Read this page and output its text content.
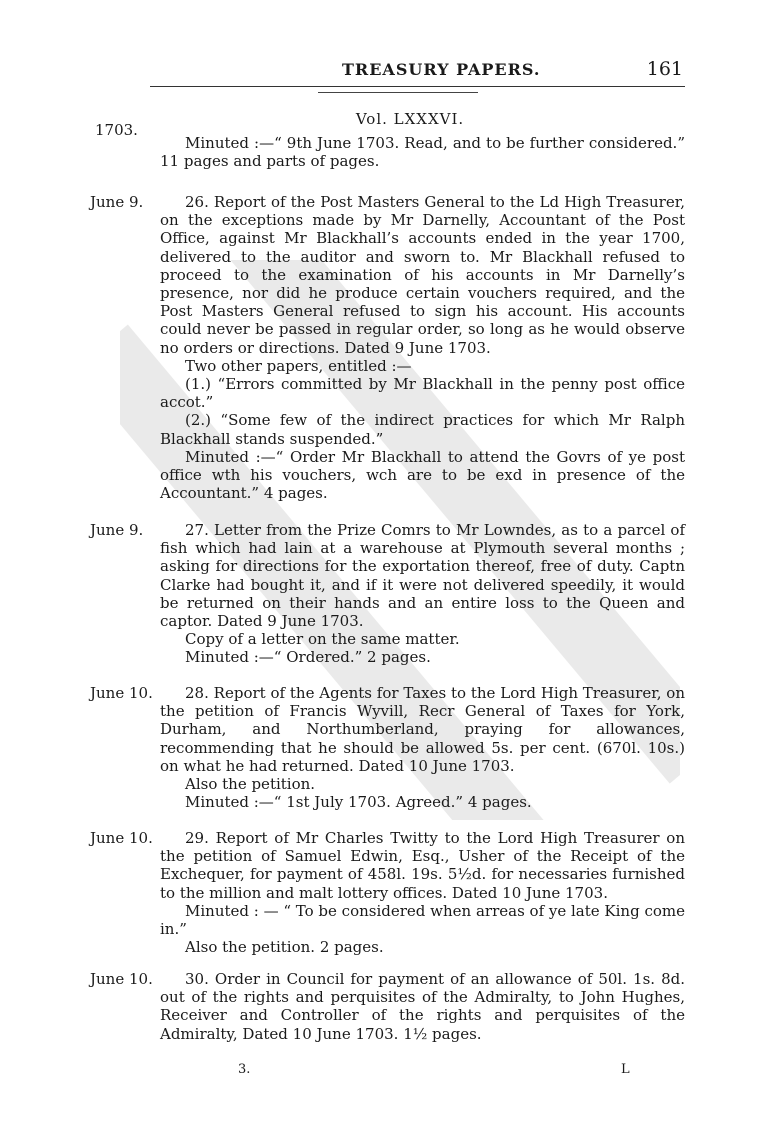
TREASURY PAPERS.	161
Vol. LXXXVI.
1703.

Minuted :—“ 9th June 1703. Read, and to be further considered.” 11 pages and parts of pages.

June 9.	26. Report of the Post Masters General to the Ld High Treasurer, on the exceptions made by Mr Darnelly, Accountant of the Post Office, against Mr Blackhall’s accounts ended in the year 1700, delivered to the auditor and sworn to. Mr Blackhall refused to proceed to the examination of his accounts in Mr Darnelly’s presence, nor did he produce certain vouchers required, and the Post Masters General refused to sign his account. His accounts could never be passed in regular order, so long as he would observe no orders or directions. Dated 9 June 1703.

Two other papers, entitled :—

(1.) “Errors committed by Mr Blackhall in the penny post office accot.”

(2.) “Some few of the indirect practices for which Mr Ralph Blackhall stands suspended.”

Minuted :—“ Order Mr Blackhall to attend the Govrs of ye post office wth his vouchers, wch are to be exd in presence of the Accountant.” 4 pages.

June 9.	27. Letter from the Prize Comrs to Mr Lowndes, as to a parcel of fish which had lain at a warehouse at Plymouth several months ; asking for directions for the exportation thereof, free of duty. Captn Clarke had bought it, and if it were not delivered speedily, it would be returned on their hands and an entire loss to the Queen and captor. Dated 9 June 1703.

Copy of a letter on the same matter.

Minuted :—“ Ordered.” 2 pages.

June 10.	28. Report of the Agents for Taxes to the Lord High Treasurer, on the petition of Francis Wyvill, Recr General of Taxes for York, Durham, and Northumberland, praying for allowances, recommending that he should be allowed 5s. per cent. (670l. 10s.) on what he had returned. Dated 10 June 1703.

Also the petition.

Minuted :—“ 1st July 1703. Agreed.” 4 pages.

June 10.	29. Report of Mr Charles Twitty to the Lord High Treasurer on the petition of Samuel Edwin, Esq., Usher of the Receipt of the Exchequer, for payment of 458l. 19s. 5½d. for necessaries furnished to the million and malt lottery offices. Dated 10 June 1703.

Minuted : — “ To be considered when arreas of ye late King come in.”

Also the petition. 2 pages.

June 10.	30. Order in Council for payment of an allowance of 50l. 1s. 8d. out of the rights and perquisites of the Admiralty, to John Hughes, Receiver and Controller of the rights and perquisites of the Admiralty, Dated 10 June 1703. 1½ pages.

3.	L
